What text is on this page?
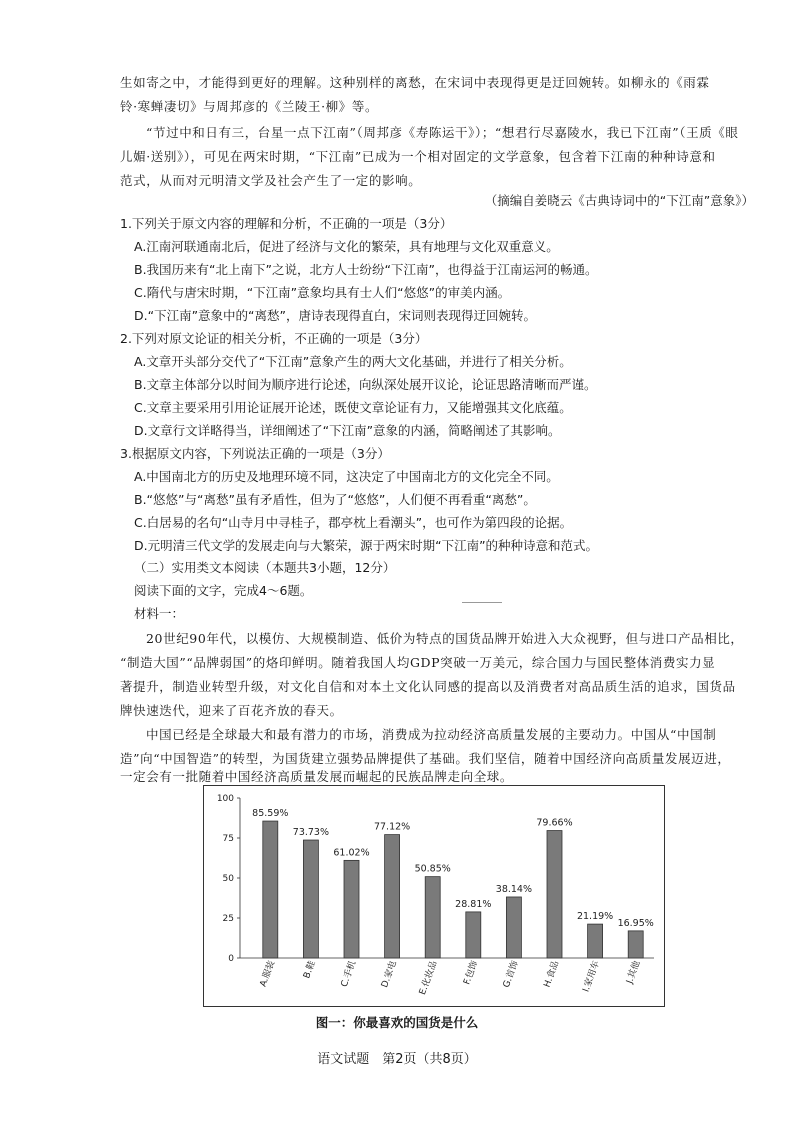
生如寄之中，才能得到更好的理解。这种别样的离愁，在宋词中表现得更是迂回婉转。如柳永的《雨霖
铃·寒蝉凄切》与周邦彦的《兰陵王·柳》等。
“节过中和日有三，台星一点下江南”（周邦彦《寿陈运干》）；“想君行尽嘉陵水，我已下江南”（王质《眼
儿媚·送别》），可见在两宋时期，“下江南”已成为一个相对固定的文学意象，包含着下江南的种种诗意和
范式，从而对元明清文学及社会产生了一定的影响。
（摘编自姜晓云《古典诗词中的“下江南”意象》）
1.下列关于原文内容的理解和分析，不正确的一项是（3分）
A.江南河联通南北后，促进了经济与文化的繁荣，具有地理与文化双重意义。
B.我国历来有“北上南下”之说，北方人士纷纷“下江南”，也得益于江南运河的畅通。
C.隋代与唐宋时期，“下江南”意象均具有士人们“悠悠”的审美内涵。
D.“下江南”意象中的“离愁”，唐诗表现得直白，宋词则表现得迂回婉转。
2.下列对原文论证的相关分析，不正确的一项是（3分）
A.文章开头部分交代了“下江南”意象产生的两大文化基础，并进行了相关分析。
B.文章主体部分以时间为顺序进行论述，向纵深处展开议论，论证思路清晰而严谨。
C.文章主要采用引用论证展开论述，既使文章论证有力，又能增强其文化底蕴。
D.文章行文详略得当，详细阐述了“下江南”意象的内涵，简略阐述了其影响。
3.根据原文内容，下列说法正确的一项是（3分）
A.中国南北方的历史及地理环境不同，这决定了中国南北方的文化完全不同。
B.“悠悠”与“离愁”虽有矛盾性，但为了“悠悠”，人们便不再看重“离愁”。
C.白居易的名句“山寺月中寻桂子，郡亭枕上看潮头”，也可作为第四段的论据。
D.元明清三代文学的发展走向与大繁荣，源于两宋时期“下江南”的种种诗意和范式。
（二）实用类文本阅读（本题共3小题，12分）
阅读下面的文字，完成4～6题。
材料一：
20世纪90年代，以模仿、大规模制造、低价为特点的国货品牌开始进入大众视野，但与进口产品相比，
“制造大国”“品牌弱国”的烙印鲜明。随着我国人均GDP突破一万美元，综合国力与国民整体消费实力显
著提升，制造业转型升级，对文化自信和对本土文化认同感的提高以及消费者对高品质生活的追求，国货品
牌快速迭代，迎来了百花齐放的春天。
中国已经是全球最大和最有潜力的市场，消费成为拉动经济高质量发展的主要动力。中国从“中国制
造”向“中国智造”的转型，为国货建立强势品牌提供了基础。我们坚信，随着中国经济向高质量发展迈进，
0
25
50
75
100
85.59%
A.服装
73.73%
B.鞋
61.02%
C.手机
77.12%
D.家电
50.85%
E.化妆品
28.81%
F.包饰
38.14%
G.首饰
79.66%
H.食品
21.19%
I.家用车
16.95%
J.其他
图一：你最喜欢的国货是什么
语文试题　第2页（共8页）
一定会有一批随着中国经济高质量发展而崛起的民族品牌走向全球。
